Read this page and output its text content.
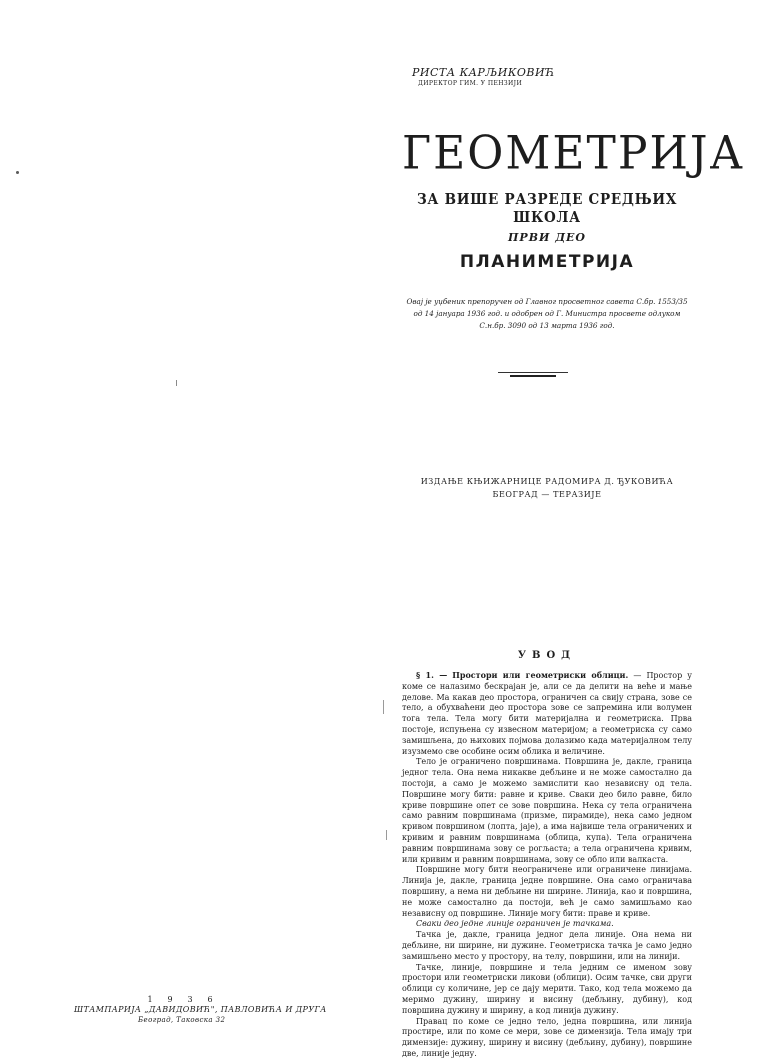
РИСТА КАРЉИКОВИЋ
ДИРЕКТОР ГИМ. У ПЕНЗИЈИ
ГЕОМЕТРИЈА
ЗА ВИШЕ РАЗРЕДЕ СРЕДЊИХ ШКОЛА
ПРВИ ДЕО
ПЛАНИМЕТРИЈА
Овај је уџбеник препоручен од Главног просветног савета С.бр. 1553/35 од 14 јануара 1936 год. и одобрен од Г. Министра просвете одлуком С.н.бр. 3090 од 13 марта 1936 год.
ИЗДАЊЕ КЊИЖАРНИЦЕ РАДОМИРА Д. ЂУКОВИЋА
БЕОГРАД — ТЕРАЗИЈЕ
УВОД

§ 1. — Простори или геометриски облици. — Простор у коме се налазимо бескрајан је, али се да делити на веће и мање делове. Ма какав део простора, ограничен са свију страна, зове се тело, а обухваћени део простора зове се запремина или волумен тога тела. Тела могу бити материјална и геометриска. Прва постоје, испуњена су извесном материјом; а геометриска су само замишљена, до њихових појмова долазимо када материјалном телу изузмемо све особине осим облика и величине.

Тело је ограничено површинама. Површина је, дакле, граница једног тела. Она нема никакве дебљине и не може самостално да постоји, а само је можемо замислити као независну од тела. Површине могу бити: равне и криве. Сваки део било равне, било криве површине опет се зове површина. Нека су тела ограничена само равним површинама (призме, пирамиде), нека само једном кривом површином (лопта, јаје), а има највише тела ограничених и кривим и равним површинама (облица, купа). Тела ограничена равним површинама зову се рогљаста; а тела ограничена кривим, или кривим и равним површинама, зову се обло или валкаста.

Површине могу бити неограничене или ограничене линијама. Линија је, дакле, граница једне површине. Она само ограничава површину, а нема ни дебљине ни ширине. Линија, као и површина, не може самостално да постоји, већ је само замишљамо као независну од површине. Линије могу бити: праве и криве.

Сваки део једне линије ограничен је тачкама.

Тачка је, дакле, граница једног дела линије. Она нема ни дебљине, ни ширине, ни дужине. Геометриска тачка је само једно замишљено место у простору, на телу, површини, или на линији.

Тачке, линије, површине и тела једним се именом зову простори или геометриски ликови (облици). Осим тачке, сви други облици су количине, јер се дају мерити. Тако, код тела можемо да меримо дужину, ширину и висину (дебљину, дубину), код површина дужину и ширину, а код линија дужину.

Правац по коме се једно тело, једна површина, или линија простире, или по коме се мери, зове се димензија. Тела имају три димензије: дужину, ширину и висину (дебљину, дубину), површине две, линије једну.

1 9 3 6
ШТАМПАРИЈА „ДАВИДОВИЋ", ПАВЛОВИЋА И ДРУГА
Београд, Таковска 32
